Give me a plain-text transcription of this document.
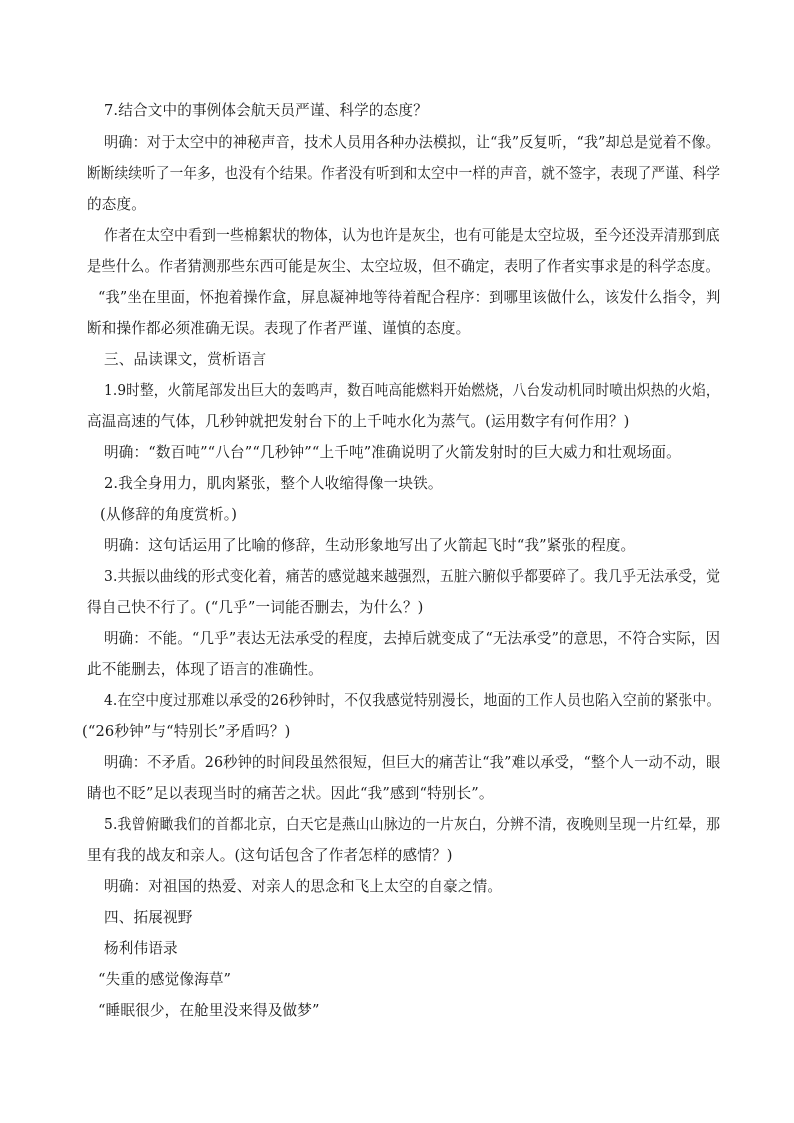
7.结合文中的事例体会航天员严谨、科学的态度？
明确：对于太空中的神秘声音，技术人员用各种办法模拟，让“我”反复听，“我”却总是觉着不像。
断断续续听了一年多，也没有个结果。作者没有听到和太空中一样的声音，就不签字，表现了严谨、科学
的态度。
作者在太空中看到一些棉絮状的物体，认为也许是灰尘，也有可能是太空垃圾，至今还没弄清那到底
是些什么。作者猜测那些东西可能是灰尘、太空垃圾，但不确定，表明了作者实事求是的科学态度。
“我”坐在里面，怀抱着操作盒，屏息凝神地等待着配合程序：到哪里该做什么，该发什么指令，判
断和操作都必须准确无误。表现了作者严谨、谨慎的态度。
三、品读课文，赏析语言
1.9时整，火箭尾部发出巨大的轰鸣声，数百吨高能燃料开始燃烧，八台发动机同时喷出炽热的火焰，
高温高速的气体，几秒钟就把发射台下的上千吨水化为蒸气。(运用数字有何作用？)
明确：“数百吨”“八台”“几秒钟”“上千吨”准确说明了火箭发射时的巨大威力和壮观场面。
2.我全身用力，肌肉紧张，整个人收缩得像一块铁。
(从修辞的角度赏析。)
明确：这句话运用了比喻的修辞，生动形象地写出了火箭起飞时“我”紧张的程度。
3.共振以曲线的形式变化着，痛苦的感觉越来越强烈，五脏六腑似乎都要碎了。我几乎无法承受，觉
得自己快不行了。(“几乎”一词能否删去，为什么？)
明确：不能。“几乎”表达无法承受的程度，去掉后就变成了“无法承受”的意思，不符合实际，因
此不能删去，体现了语言的准确性。
4.在空中度过那难以承受的26秒钟时，不仅我感觉特别漫长，地面的工作人员也陷入空前的紧张中。
(“26秒钟”与“特别长”矛盾吗？)
明确：不矛盾。26秒钟的时间段虽然很短，但巨大的痛苦让“我”难以承受，“整个人一动不动，眼
睛也不眨”足以表现当时的痛苦之状。因此“我”感到“特别长”。
5.我曾俯瞰我们的首都北京，白天它是燕山山脉边的一片灰白，分辨不清，夜晚则呈现一片红晕，那
里有我的战友和亲人。(这句话包含了作者怎样的感情？)
明确：对祖国的热爱、对亲人的思念和飞上太空的自豪之情。
四、拓展视野
杨利伟语录
“失重的感觉像海草”
“睡眠很少，在舱里没来得及做梦”
